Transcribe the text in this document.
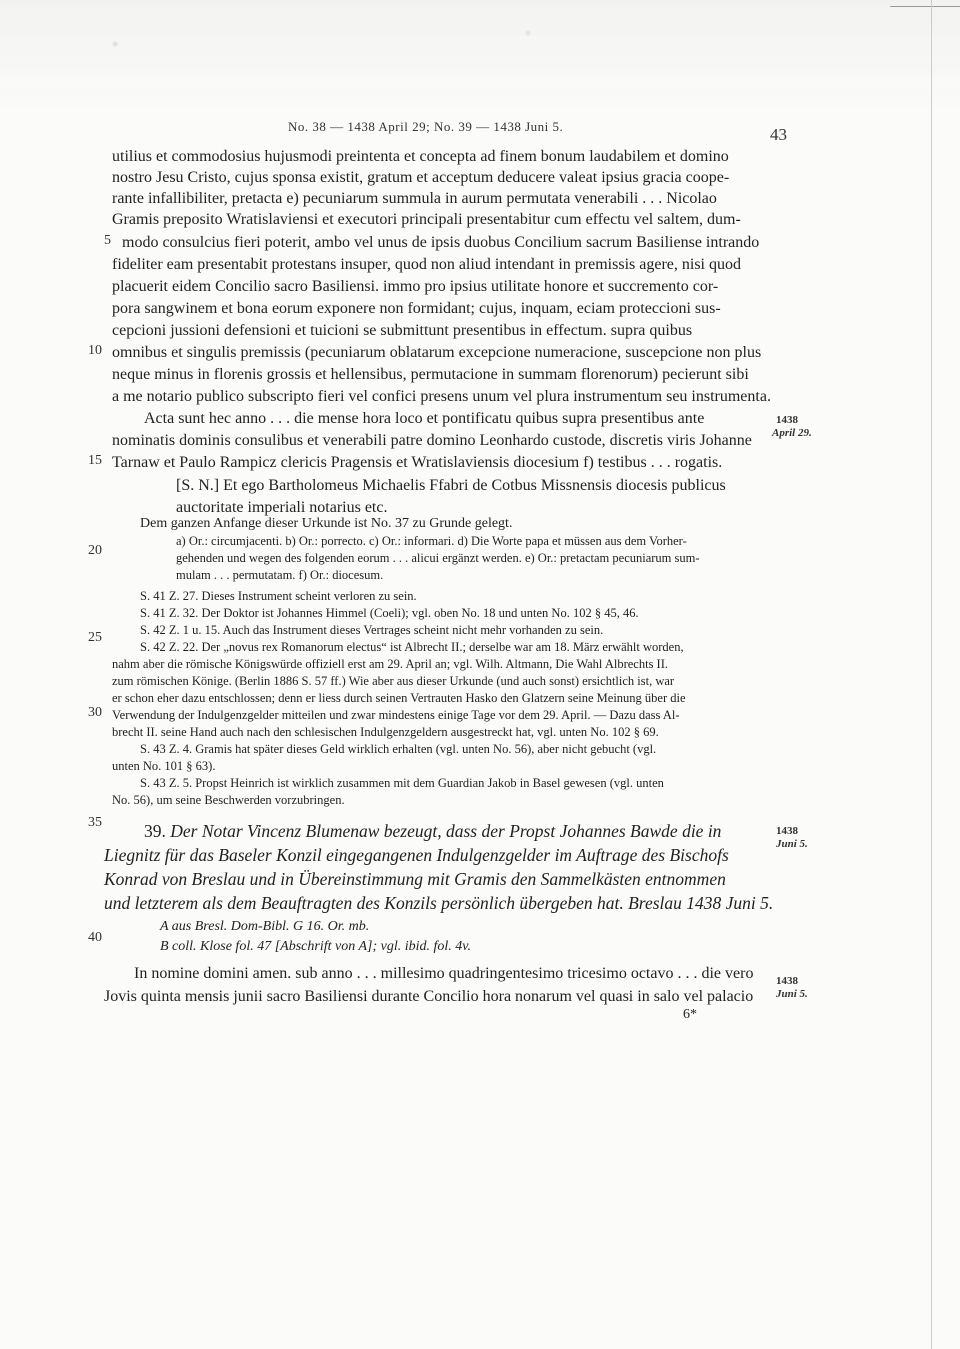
No. 38 — 1438 April 29; No. 39 — 1438 Juni 5.	43
utilius et commodosius hujusmodi preintenta et concepta ad finem bonum laudabilem et domino
nostro Jesu Cristo, cujus sponsa existit, gratum et acceptum deducere valeat ipsius gracia coope-
rante infallibiliter, pretacta e) pecuniarum summula in aurum permutata venerabili . . . Nicolao
Gramis preposito Wratislaviensi et executori principali presentabitur cum effectu vel saltem, dum-
modo consulcius fieri poterit, ambo vel unus de ipsis duobus Concilium sacrum Basiliense intrando
fideliter eam presentabit protestans insuper, quod non aliud intendant in premissis agere, nisi quod
placuerit eidem Concilio sacro Basiliensi. immo pro ipsius utilitate honore et succremento cor-
pora sangwinem et bona eorum exponere non formidant; cujus, inquam, eciam proteccioni sus-
cepcioni jussioni defensioni et tuicioni se submittunt presentibus in effectum. supra quibus
omnibus et singulis premissis (pecuniarum oblatarum excepcione numeracione, suscepcione non plus
neque minus in florenis grossis et hellensibus, permutacione in summam florenorum) pecierunt sibi
a me notario publico subscripto fieri vel confici presens unum vel plura instrumentum seu instrumenta.
Acta sunt hec anno . . . die mense hora loco et pontificatu quibus supra presentibus ante
nominatis dominis consulibus et venerabili patre domino Leonhardo custode, discretis viris Johanne
Tarnaw et Paulo Rampicz clericis Pragensis et Wratislaviensis diocesium f) testibus . . . rogatis.
[S. N.] Et ego Bartholomeus Michaelis Ffabri de Cotbus Missnensis diocesis publicus
auctoritate imperiali notarius etc.
Dem ganzen Anfange dieser Urkunde ist No. 37 zu Grunde gelegt.
a) Or.: circumjacenti. b) Or.: porrecto. c) Or.: informari. d) Die Worte papa et müssen aus dem Vorher-
gehenden und wegen des folgenden eorum . . . alicui ergänzt werden. e) Or.: pretactam pecuniarum sum-
mulam . . . permutatam. f) Or.: diocesum.
S. 41 Z. 27. Dieses Instrument scheint verloren zu sein.
S. 41 Z. 32. Der Doktor ist Johannes Himmel (Coeli); vgl. oben No. 18 und unten No. 102 § 45, 46.
S. 42 Z. 1 u. 15. Auch das Instrument dieses Vertrages scheint nicht mehr vorhanden zu sein.
S. 42 Z. 22. Der „novus rex Romanorum electus“ ist Albrecht II.; derselbe war am 18. März erwählt worden,
nahm aber die römische Königswürde offiziell erst am 29. April an; vgl. Wilh. Altmann, Die Wahl Albrechts II.
zum römischen Könige. (Berlin 1886 S. 57 ff.) Wie aber aus dieser Urkunde (und auch sonst) ersichtlich ist, war
er schon eher dazu entschlossen; denn er liess durch seinen Vertrauten Hasko den Glatzern seine Meinung über die
Verwendung der Indulgenzgelder mitteilen und zwar mindestens einige Tage vor dem 29. April. — Dazu dass Al-
brecht II. seine Hand auch nach den schlesischen Indulgenzgeldern ausgestreckt hat, vgl. unten No. 102 § 69.
S. 43 Z. 4. Gramis hat später dieses Geld wirklich erhalten (vgl. unten No. 56), aber nicht gebucht (vgl.
unten No. 101 § 63).
S. 43 Z. 5. Propst Heinrich ist wirklich zusammen mit dem Guardian Jakob in Basel gewesen (vgl. unten
No. 56), um seine Beschwerden vorzubringen.
39. Der Notar Vincenz Blumenaw bezeugt, dass der Propst Johannes Bawde die in
Liegnitz für das Baseler Konzil eingegangenen Indulgenzgelder im Auftrage des Bischofs
Konrad von Breslau und in Übereinstimmung mit Gramis den Sammelkästen entnommen
und letzterem als dem Beauftragten des Konzils persönlich übergeben hat. Breslau 1438 Juni 5.
A aus Bresl. Dom-Bibl. G 16. Or. mb.
B coll. Klose fol. 47 [Abschrift von A]; vgl. ibid. fol. 4v.
In nomine domini amen. sub anno . . . millesimo quadringentesimo tricesimo octavo . . . die vero
Jovis quinta mensis junii sacro Basiliensi durante Concilio hora nonarum vel quasi in salo vel palacio
6*
5
10
15
20
25
30
35
40
1438
April 29.
1438
Juni 5.
1438
Juni 5.
